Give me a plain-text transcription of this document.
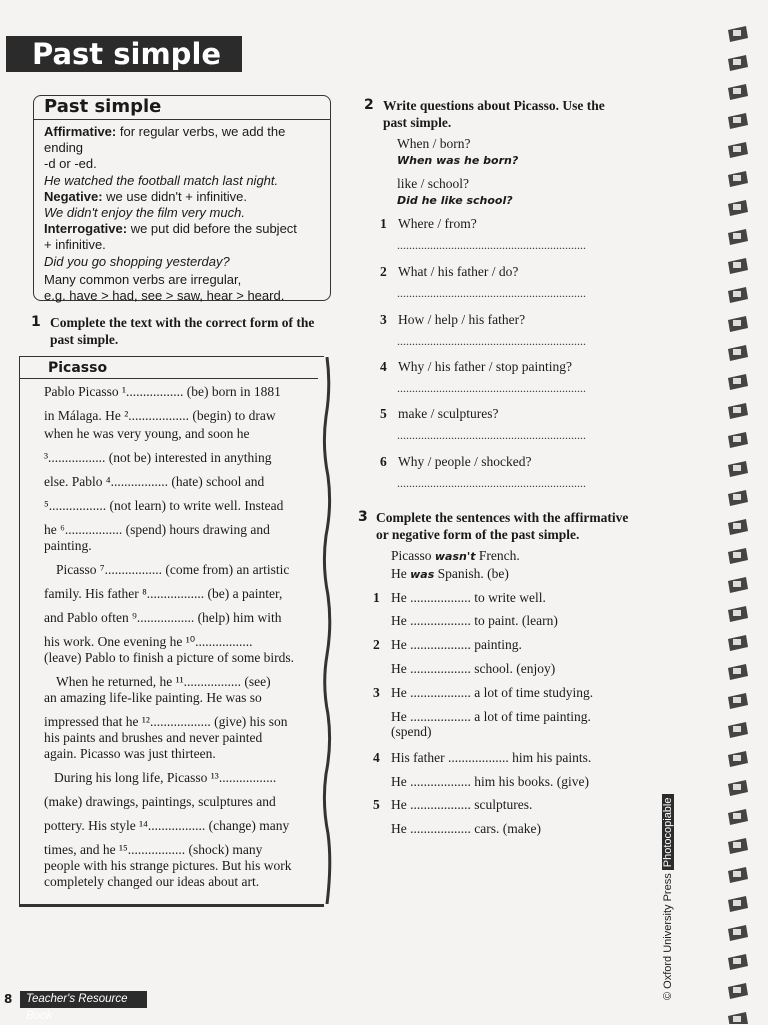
Past simple
Past simple

Affirmative: for regular verbs, we add the ending

-d or -ed.

He watched the football match last night.

Negative: we use didn't + infinitive.

We didn't enjoy the film very much.

Interrogative: we put did before the subject

+ infinitive.

Did you go shopping yesterday?

Many common verbs are irregular,

e.g. have > had, see > saw, hear > heard.

1 Complete the text with the correct form of the
past simple.
Picasso
Pablo Picasso ¹................. (be) born in 1881
in Málaga. He ².................. (begin) to draw
when he was very young, and soon he
³................. (not be) interested in anything
else. Pablo ⁴................. (hate) school and
⁵................. (not learn) to write well. Instead
he ⁶................. (spend) hours drawing and
painting.
Picasso ⁷................. (come from) an artistic
family. His father ⁸................. (be) a painter,
and Pablo often ⁹................. (help) him with
his work. One evening he ¹⁰.................
(leave) Pablo to finish a picture of some birds.
When he returned, he ¹¹................. (see)
an amazing life-like painting. He was so
impressed that he ¹².................. (give) his son
his paints and brushes and never painted
again. Picasso was just thirteen.
During his long life, Picasso ¹³.................
(make) drawings, paintings, sculptures and
pottery. His style ¹⁴................. (change) many
times, and he ¹⁵................. (shock) many
people with his strange pictures. But his work
completely changed our ideas about art.
2 Write questions about Picasso. Use the
past simple.
When / born?
When was he born?
like / school?
Did he like school?
1 Where / from?
...............................................................
2 What / his father / do?
...............................................................
3 How / help / his father?
...............................................................
4 Why / his father / stop painting?
...............................................................
5 make / sculptures?
...............................................................
6 Why / people / shocked?
...............................................................
3 Complete the sentences with the affirmative
or negative form of the past simple.
Picasso wasn't French.
He was Spanish. (be)
1 He .................. to write well.
He .................. to paint. (learn)
2 He .................. painting.
He .................. school. (enjoy)
3 He .................. a lot of time studying.
He .................. a lot of time painting.
(spend)
4 His father .................. him his paints.
He .................. him his books. (give)
5 He .................. sculptures.
He .................. cars. (make)
8	Teacher's Resource Book
© Oxford University Press Photocopiable
